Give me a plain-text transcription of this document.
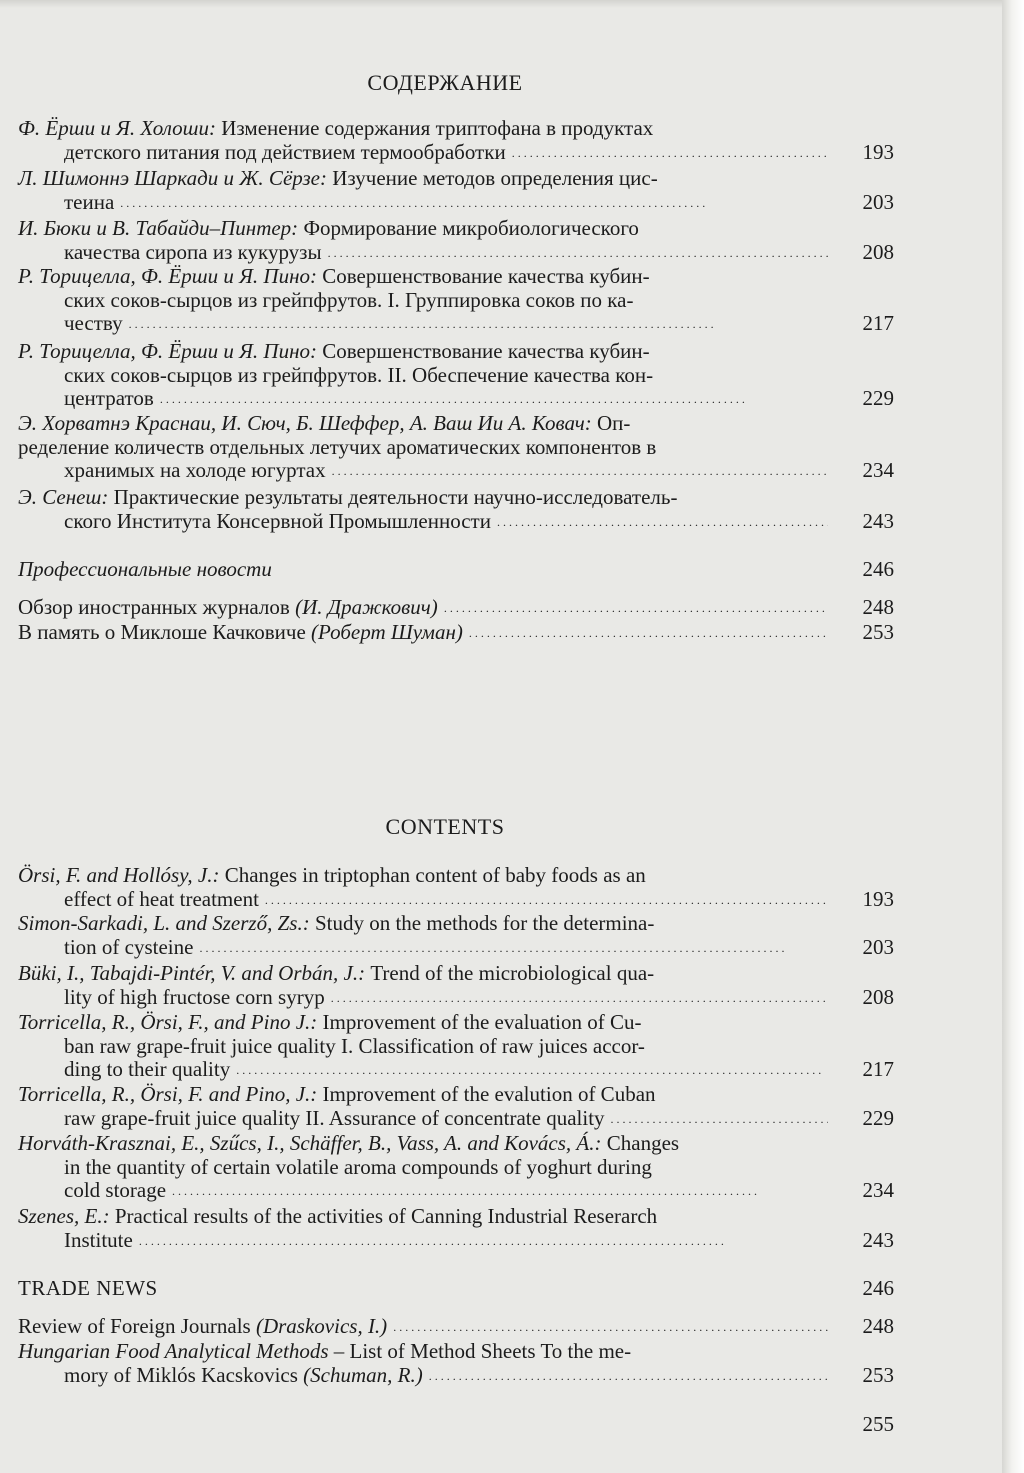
СОДЕРЖАНИЕ
Ф. Ёрши и Я. Холоши:
Изменение содержания триптофана в продуктах
детского питания под действием термообработки . . .	193
Л. Шимоннэ Шаркади и Ж. Сёрзе:
Изучение методов определения цис-
теина . . .	203
И. Бюки и В. Табайди–Пинтер:
Формирование микробиологического
качества сиропа из кукурузы . . .	208
Р. Торицелла, Ф. Ёрши и Я. Пино:
Совершенствование качества кубин-
ских соков-сырцов из грейпфрутов. I. Группировка соков по ка-
честву . . .	217
Р. Торицелла, Ф. Ёрши и Я. Пино:
Совершенствование качества кубин-
ских соков-сырцов из грейпфрутов. II. Обеспечение качества кон-
центратов . . .	229
Э. Хорватнэ Краснаи, И. Сюч, Б. Шеффер, А. Ваш Ии А. Ковач:
Оп-
ределение количеств отдельных летучих ароматических компонентов в
хранимых на холоде югуртах . . .	234
Э. Сенеш:
Практические результаты деятельности научно-исследователь-
ского Института Консервной Промышленности . . .	243
Профессиональные новости	246
Обзор иностранных журналов
(И. Дражкович) . . .	248
В память о Миклоше Качковиче
(Роберт Шуман) . . .	253
CONTENTS
Örsi, F. and Hollósy, J.:
Changes in triptophan content of baby foods as an
effect of heat treatment . . .	193
Simon-Sarkadi, L. and Szerző, Zs.:
Study on the methods for the determina-
tion of cysteine . . .	203
Büki, I., Tabajdi-Pintér, V. and Orbán, J.:
Trend of the microbiological qua-
lity of high fructose corn syryp . . .	208
Torricella, R., Örsi, F., and Pino J.:
Improvement of the evaluation of Cu-
ban raw grape-fruit juice quality I. Classification of raw juices accor-
ding to their quality . . .	217
Torricella, R., Örsi, F. and Pino, J.:
Improvement of the evalution of Cuban
raw grape-fruit juice quality II. Assurance of concentrate quality . . .	229
Horváth-Krasznai, E., Szűcs, I., Schäffer, B., Vass, A. and Kovács, Á.:
Changes
in the quantity of certain volatile aroma compounds of yoghurt during
cold storage . . .	234
Szenes, E.:
Practical results of the activities of Canning Industrial Reserarch
Institute . . .	243
TRADE NEWS	246
Review of Foreign Journals
(Draskovics, I.) . . .	248
Hungarian Food Analytical Methods
– List of Method Sheets To the me-
mory of Miklós Kacskovics
(Schuman, R.) . . .	253
255
